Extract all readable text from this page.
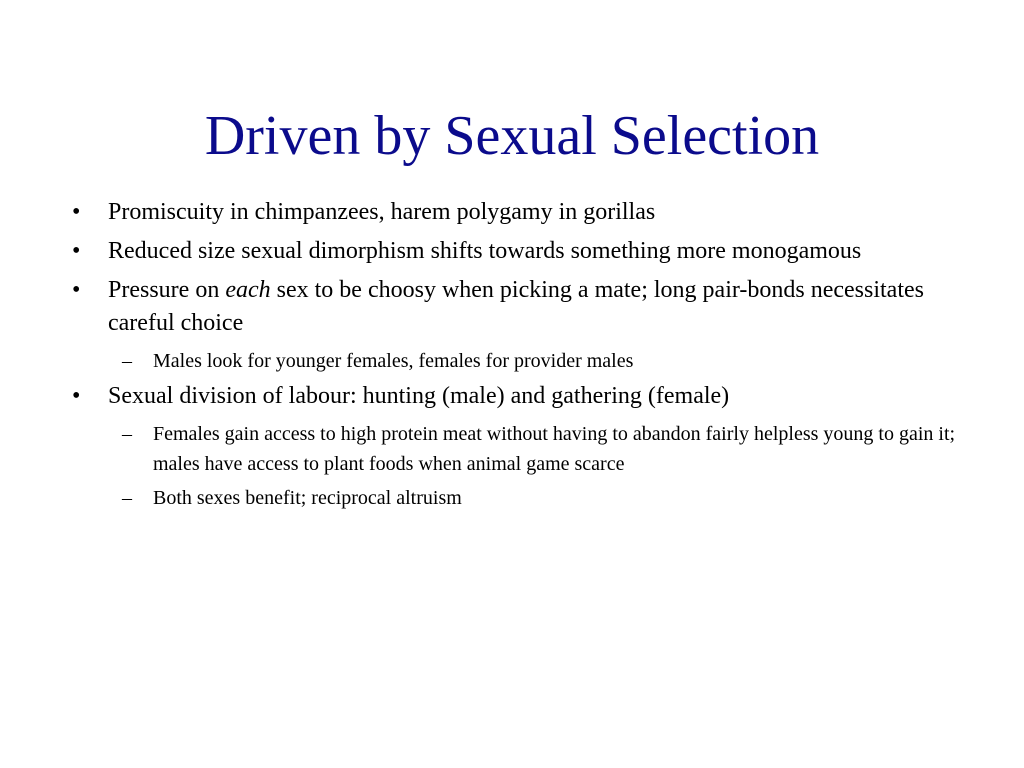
Driven by Sexual Selection
•	Promiscuity in chimpanzees, harem polygamy in gorillas
•	Reduced size sexual dimorphism shifts towards something more monogamous
•	Pressure on each sex to be choosy when picking a mate; long pair-bonds necessitates careful choice
–	Males look for younger females, females for provider males
•	Sexual division of labour: hunting (male) and gathering (female)
–	Females gain access to high protein meat without having to abandon fairly helpless young to gain it; males have access to plant foods when animal game scarce
–	Both sexes benefit; reciprocal altruism
